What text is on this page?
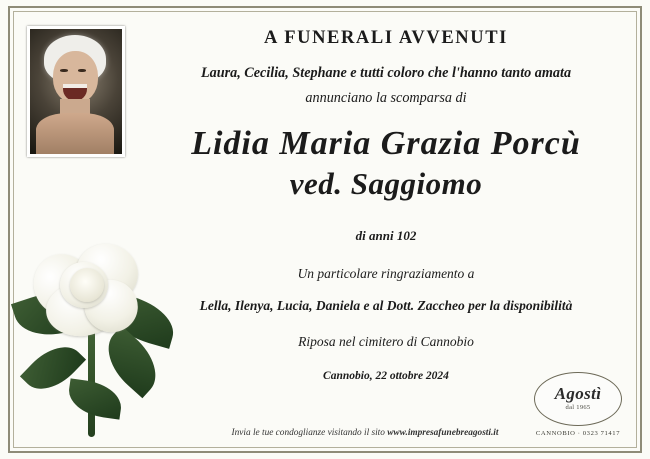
A FUNERALI AVVENUTI
Laura, Cecilia, Stephane e tutti coloro che l'hanno tanto amata
annunciano la scomparsa di
Lidia Maria Grazia Porcù
ved. Saggiomo
di anni 102
Un particolare ringraziamento a
Lella, Ilenya, Lucia, Daniela e al Dott. Zaccheo per la disponibilità
Riposa nel cimitero di Cannobio
Cannobio, 22 ottobre 2024
Invia le tue condoglianze visitando il sito www.impresafunebreagosti.it
Agostì
dal 1965
CANNOBIO · 0323 71417
